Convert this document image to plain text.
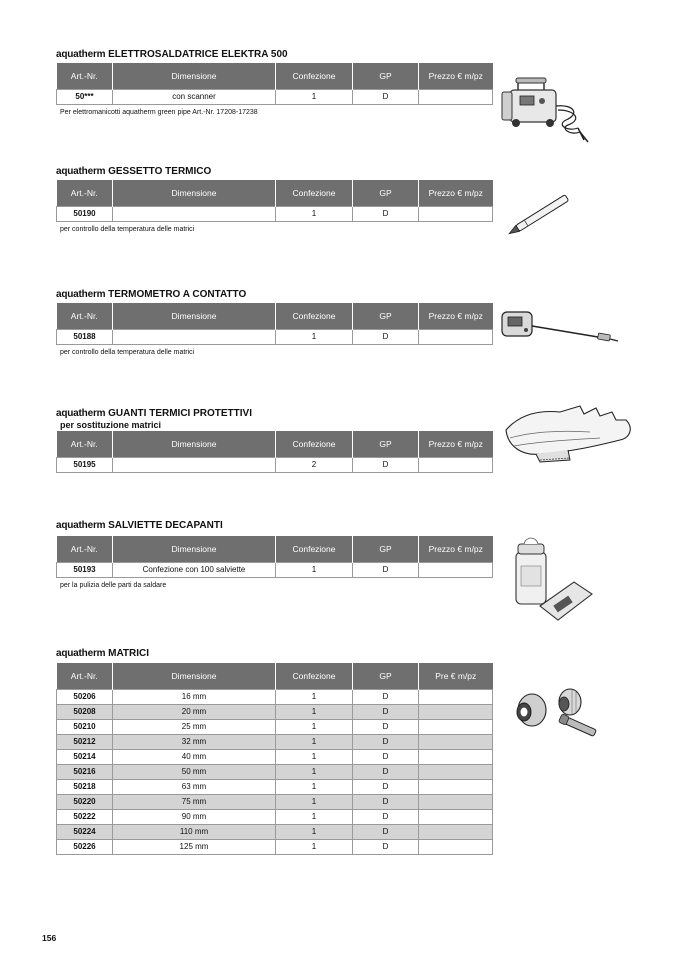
aquatherm ELETTROSALDATRICE ELEKTRA 500
Art.-Nr.	Dimensione	Confezione	GP	Prezzo € m/pz
50***	con scanner	1	D	
Per elettromanicotti aquatherm green pipe Art.-Nr. 17208-17238
aquatherm GESSETTO TERMICO
Art.-Nr.	Dimensione	Confezione	GP	Prezzo € m/pz
50190		1	D	
per controllo della temperatura delle matrici
aquatherm TERMOMETRO A CONTATTO
Art.-Nr.	Dimensione	Confezione	GP	Prezzo € m/pz
50188		1	D	
per controllo della temperatura delle matrici
aquatherm GUANTI TERMICI PROTETTIVI
per sostituzione matrici
Art.-Nr.	Dimensione	Confezione	GP	Prezzo € m/pz
50195		2	D	
aquatherm SALVIETTE DECAPANTI
Art.-Nr.	Dimensione	Confezione	GP	Prezzo € m/pz
50193	Confezione con 100 salviette	1	D	
per la pulizia delle parti da saldare
aquatherm MATRICI
Art.-Nr.	Dimensione	Confezione	GP	Pre € m/pz
50206	16 mm	1	D	
50208	20 mm	1	D	
50210	25 mm	1	D	
50212	32 mm	1	D	
50214	40 mm	1	D	
50216	50 mm	1	D	
50218	63 mm	1	D	
50220	75 mm	1	D	
50222	90 mm	1	D	
50224	110 mm	1	D	
50226	125 mm	1	D	
156
